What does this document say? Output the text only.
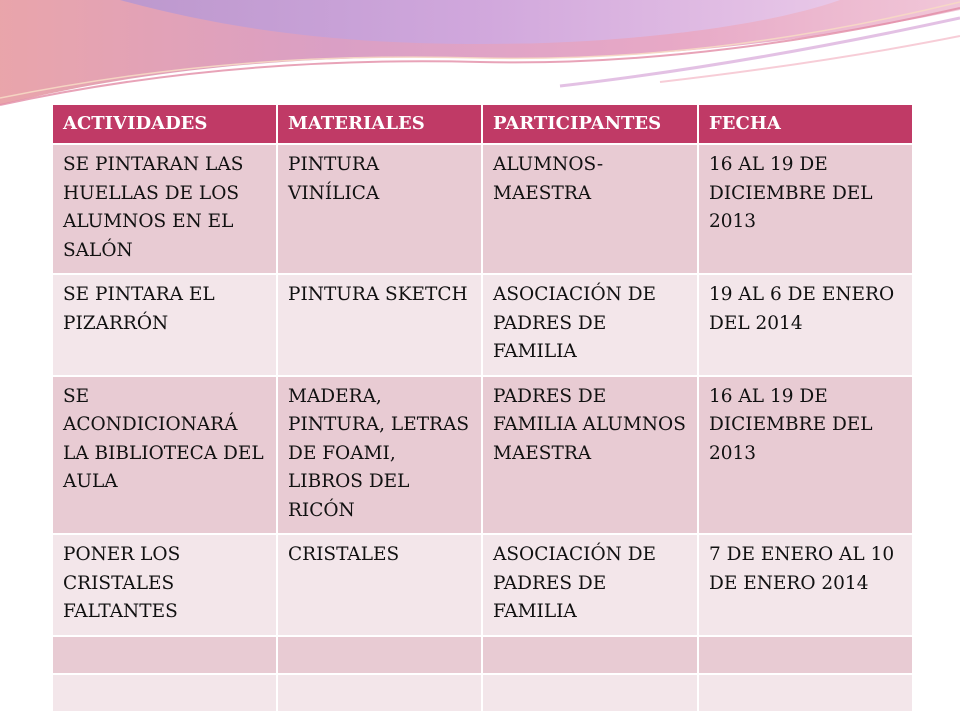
ACTIVIDADES	MATERIALES	PARTICIPANTES	FECHA
SE PINTARAN LAS HUELLAS DE LOS ALUMNOS EN EL SALÓN	PINTURA VINÍLICA	ALUMNOS-MAESTRA	16 AL 19 DE DICIEMBRE DEL 2013
SE PINTARA EL PIZARRÓN	PINTURA SKETCH	ASOCIACIÓN DE PADRES DE FAMILIA	19 AL 6 DE ENERO DEL 2014
SE ACONDICIONARÁ LA BIBLIOTECA DEL AULA	MADERA, PINTURA, LETRAS DE FOAMI, LIBROS DEL RICÓN	PADRES DE FAMILIA ALUMNOS MAESTRA	16 AL 19 DE DICIEMBRE DEL 2013
PONER LOS CRISTALES FALTANTES	CRISTALES	ASOCIACIÓN DE PADRES DE FAMILIA	7 DE ENERO AL 10 DE ENERO 2014
